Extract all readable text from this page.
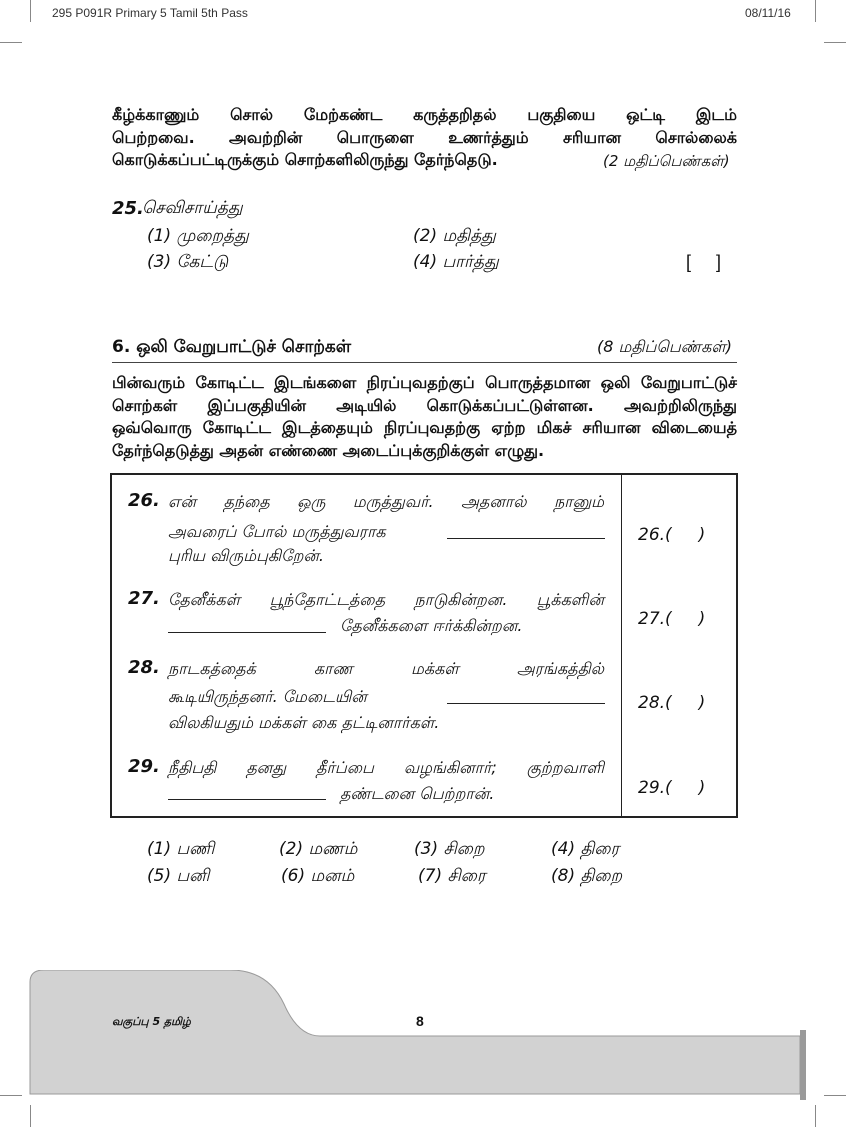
295 P091R Primary 5 Tamil 5th Pass	08/11/16
கீழ்க்காணும் சொல் மேற்கண்ட கருத்தறிதல் பகுதியை ஒட்டி இடம்
பெற்றவை. அவற்றின் பொருளை உணர்த்தும் சரியான சொல்லைக்
கொடுக்கப்பட்டிருக்கும் சொற்களிலிருந்து தேர்ந்தெடு.	(2 மதிப்பெண்கள்)
25.
செவிசாய்த்து
(1) முறைத்து	(2) மதித்து
(3) கேட்டு	(4) பார்த்து	[     ]
6. ஒலி வேறுபாட்டுச் சொற்கள்	(8 மதிப்பெண்கள்)
பின்வரும் கோடிட்ட இடங்களை நிரப்புவதற்குப் பொருத்தமான ஒலி வேறுபாட்டுச்
சொற்கள் இப்பகுதியின் அடியில் கொடுக்கப்பட்டுள்ளன. அவற்றிலிருந்து
ஒவ்வொரு கோடிட்ட இடத்தையும் நிரப்புவதற்கு ஏற்ற மிகச் சரியான விடையைத்
தேர்ந்தெடுத்து அதன் எண்ணை அடைப்புக்குறிக்குள் எழுது.
26. என் தந்தை ஒரு மருத்துவர். அதனால் நானும்
அவரைப் போல் மருத்துவராக
புரிய விரும்புகிறேன்.
26.(     )
27. தேனீக்கள் பூந்தோட்டத்தை நாடுகின்றன. பூக்களின்
தேனீக்களை ஈர்க்கின்றன.	27.(     )
28. நாடகத்தைக் காண மக்கள் அரங்கத்தில்
கூடியிருந்தனர். மேடையின்
விலகியதும் மக்கள் கை தட்டினார்கள்.
28.(     )
29. நீதிபதி தனது தீர்ப்பை வழங்கினார்; குற்றவாளி
தண்டனை பெற்றான்.	29.(     )
(1) பணி	(2) மணம்	(3) சிறை	(4) திரை
(5) பனி	(6) மனம்	(7) சிரை	(8) திறை
வகுப்பு 5 தமிழ்	8
